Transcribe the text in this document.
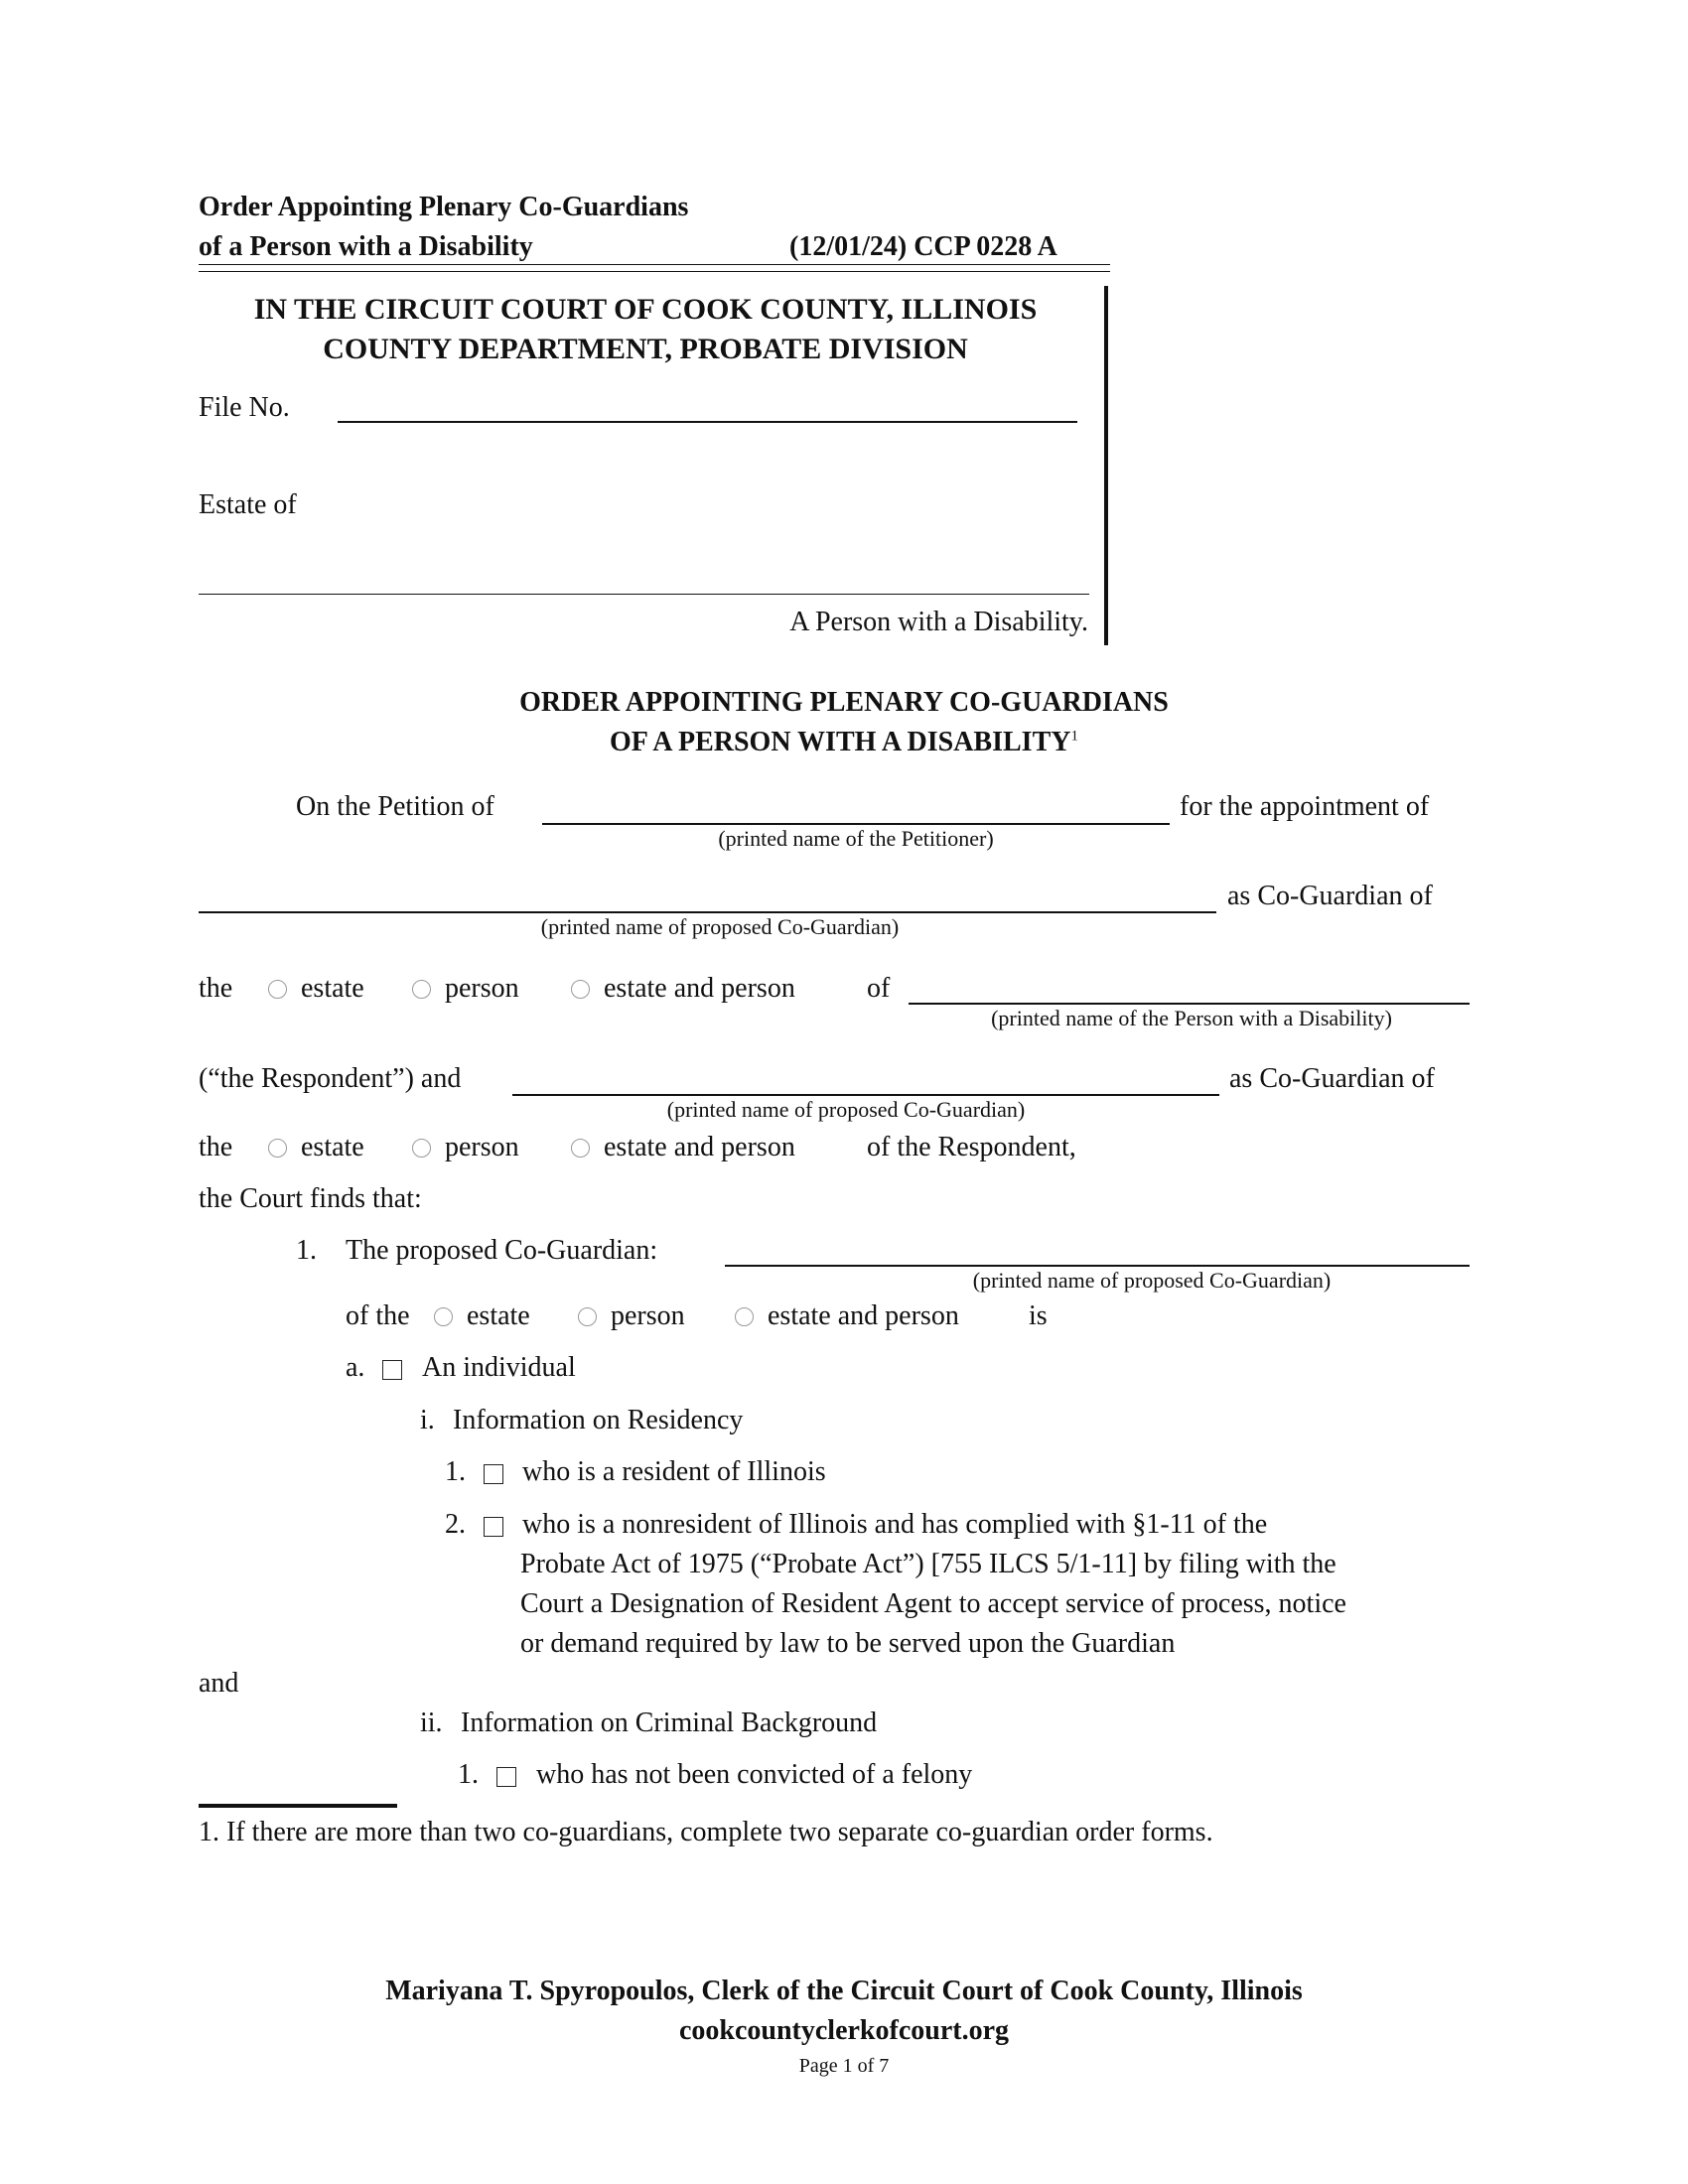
Order Appointing Plenary Co-Guardians
of a Person with a Disability	(12/01/24) CCP 0228 A
IN THE CIRCUIT COURT OF COOK COUNTY, ILLINOIS
COUNTY DEPARTMENT, PROBATE DIVISION
File No.
Estate of
A Person with a Disability.
ORDER APPOINTING PLENARY CO-GUARDIANS
OF A PERSON WITH A DISABILITY$^1$
On the Petition of
(printed name of the Petitioner)
for the appointment of
(printed name of proposed Co-Guardian)
as Co-Guardian of
the	estate	person	estate and person	of
(printed name of the Person with a Disability)
(“the Respondent”) and
(printed name of proposed Co-Guardian)
as Co-Guardian of
the	estate	person	estate and person	of the Respondent,
the Court finds that:
1. The proposed Co-Guardian:
(printed name of proposed Co-Guardian)
of the	estate	person	estate and person	is
a. An individual
i. Information on Residency
1. who is a resident of Illinois
2. who is a nonresident of Illinois and has complied with §1-11 of the
Probate Act of 1975 (“Probate Act”) [755 ILCS 5/1-11] by filing with the
Court a Designation of Resident Agent to accept service of process, notice
or demand required by law to be served upon the Guardian
and
ii. Information on Criminal Background
1. who has not been convicted of a felony
1. If there are more than two co-guardians, complete two separate co-guardian order forms.
Mariyana T. Spyropoulos, Clerk of the Circuit Court of Cook County, Illinois
cookcountyclerkofcourt.org
Page 1 of 7
